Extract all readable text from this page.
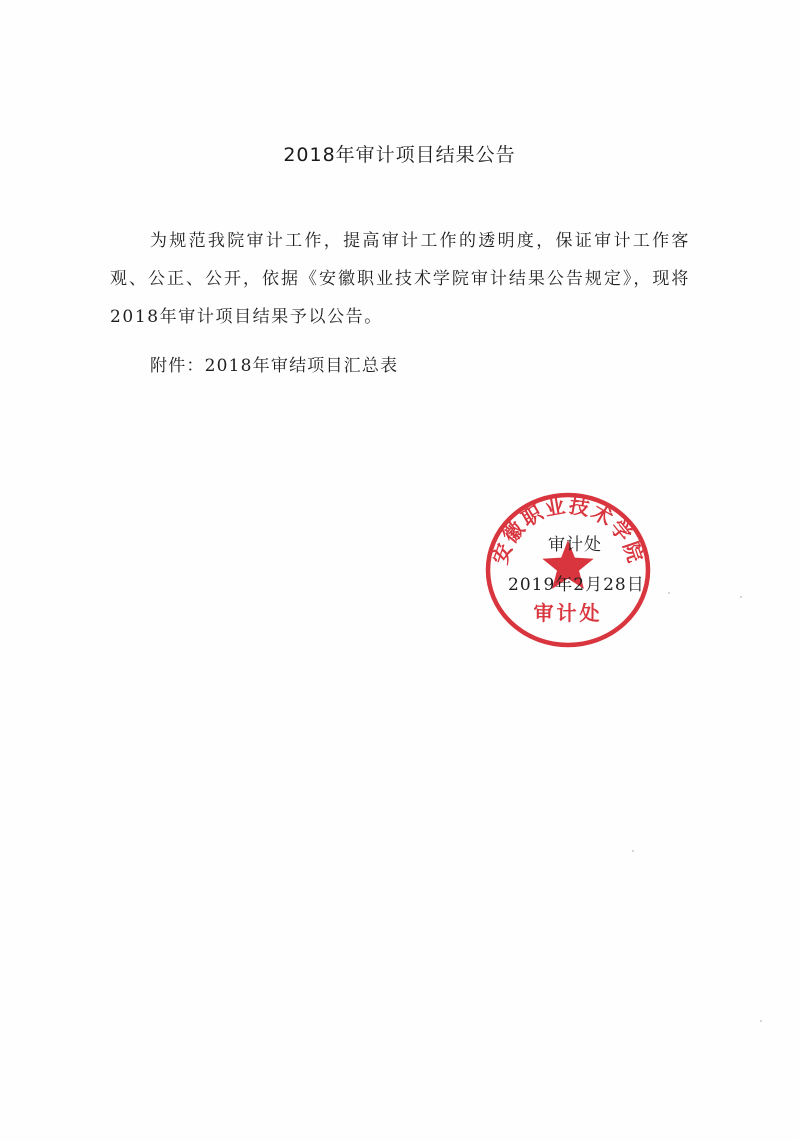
2018年审计项目结果公告

为规范我院审计工作，提高审计工作的透明度，保证审计工作客观、公正、公开，依据《安徽职业技术学院审计结果公告规定》，现将2018年审计项目结果予以公告。

附件：2018年审结项目汇总表

安徽职业技术学院
审计处

审计处

2019年2月28日
